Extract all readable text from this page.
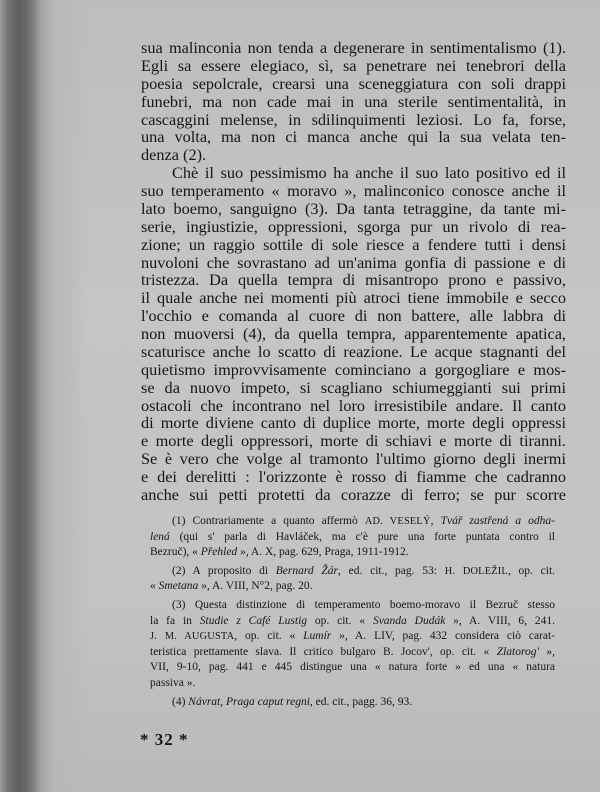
sua malinconia non tenda a degenerare in sentimentalismo (1).
Egli sa essere elegiaco, sì, sa penetrare nei tenebrori della
poesia sepolcrale, crearsi una sceneggiatura con soli drappi
funebri, ma non cade mai in una sterile sentimentalità, in
cascaggini melense, in sdilinquimenti leziosi. Lo fa, forse,
una volta, ma non ci manca anche qui la sua velata ten-
denza (2).
Chè il suo pessimismo ha anche il suo lato positivo ed il
suo temperamento « moravo », malinconico conosce anche il
lato boemo, sanguigno (3). Da tanta tetraggine, da tante mi-
serie, ingiustizie, oppressioni, sgorga pur un rivolo di rea-
zione; un raggio sottile di sole riesce a fendere tutti i densi
nuvoloni che sovrastano ad un'anima gonfia di passione e di
tristezza. Da quella tempra di misantropo prono e passivo,
il quale anche nei momenti più atroci tiene immobile e secco
l'occhio e comanda al cuore di non battere, alle labbra di
non muoversi (4), da quella tempra, apparentemente apatica,
scaturisce anche lo scatto di reazione. Le acque stagnanti del
quietismo improvvisamente cominciano a gorgogliare e mos-
se da nuovo impeto, si scagliano schiumeggianti sui primi
ostacoli che incontrano nel loro irresistibile andare. Il canto
di morte diviene canto di duplice morte, morte degli oppressi
e morte degli oppressori, morte di schiavi e morte di tiranni.
Se è vero che volge al tramonto l'ultimo giorno degli inermi
e dei derelitti : l'orizzonte è rosso di fiamme che cadranno
anche sui petti protetti da corazze di ferro; se pur scorre
(1) Contrariamente a quanto affermò AD. VESELÝ, Tvář zastřená a odha-
lená (qui s' parla di Havláček, ma c'è pure una forte puntata contro il
Bezruč), « Přehled », A. X, pag. 629, Praga, 1911-1912.
(2) A proposito di Bernard Žár, ed. cit., pag. 53: H. DOLEŽIL, op. cit.
« Smetana », A. VIII, N°2, pag. 20.
(3) Questa distinzione di temperamento boemo-moravo il Bezruč stesso
la fa in Studie z Café Lustig op. cit. « Svanda Dudák », A. VIII, 6, 241.
J. M. AUGUSTA, op. cit. « Lumír », A. LIV, pag. 432 considera ciò carat-
teristica prettamente slava. Il critico bulgaro B. Jocov', op. cit. « Zlatorog' »,
VII, 9-10, pag. 441 e 445 distingue una « natura forte » ed una « natura
passiva ».
(4) Návrat, Praga caput regni, ed. cit., pagg. 36, 93.
* 32 *
